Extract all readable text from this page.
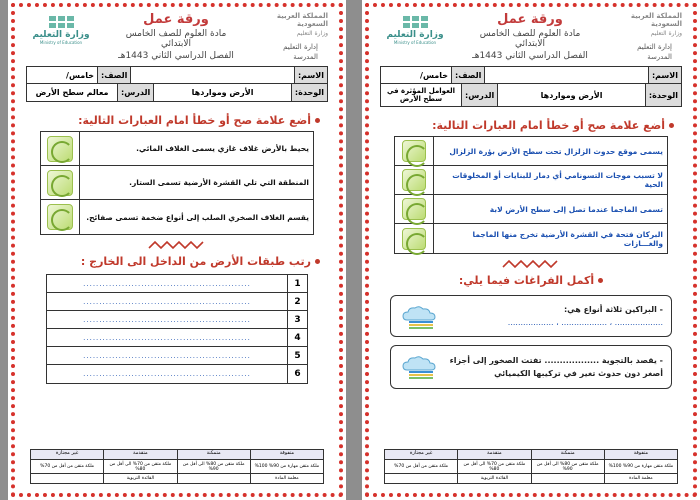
وزارة التعليم
Ministry of Education
ورقة عمل
مادة العلوم للصف الخامس الابتدائي
الفصل الدراسي الثاني 1443هـ
المملكة العربية السعودية
وزارة التعليم
إدارة التعليم
المدرسة
الاسم:
الصف:
خامس/
الوحدة:
الأرض ومواردها
الدرس:
معالم سطح الأرض
أضع علامة صح أو خطأ امام العبارات التالية:
يحيط بالأرض غلاف غازي يسمى الغلاف المائي.
المنطقة التي تلي القشرة الأرضية تسمى الستار.
يقسم الغلاف الصخري الصلب إلى أنواع ضخمة تسمى صفائح.
رتب طبقات الأرض من الداخل الى الخارج :
1
....................................................
2
....................................................
3
....................................................
4
....................................................
5
....................................................
6
....................................................
متفوقة
متمكنة
متقدمة
غير مجتازة
ملكة متقن مهارة من 90% 100%
ملكة متقن من 80% الى أقل من 90%
ملكة متقن من 70% الى أقل من 80%
ملكة متقن من أقل من 70%
معلمة المادة
القائدة التربوية
وزارة التعليم
Ministry of Education
ورقة عمل
مادة العلوم للصف الخامس الابتدائي
الفصل الدراسي الثاني 1443هـ
المملكة العربية السعودية
وزارة التعليم
إدارة التعليم
المدرسة
الاسم:
الصف:
خامس/
الوحدة:
الأرض ومواردها
الدرس:
العوامل المؤثرة في سطح الأرض
أضع علامة صح أو خطأ امام العبارات التالية:
يسمى موقع حدوث الزلزال تحت سطح الأرض بؤرة الزلزال
لا تسبب موجات التسونامي أي دمار للبنايات أو المخلوقات الحية
تسمى الماجما عندما تصل إلى سطح الأرض لابة
البركان فتحة في القشرة الأرضية تخرج منها الماجما والغـــازات
أكمل الفراغات فيما يلي:
- البراكين ثلاثة أنواع هي:
................... ، .................. ، ..................
- يقصد بالتجوية .................. تفتت الصخور إلى أجزاء
أصغر دون حدوث تغير في تركيبها الكيميائي
متفوقة
متمكنة
متقدمة
غير مجتازة
ملكة متقن مهارة من 90% 100%
ملكة متقن من 80% الى أقل من 90%
ملكة متقن من 70% الى أقل من 80%
ملكة متقن من أقل من 70%
معلمة المادة
القائدة التربوية
